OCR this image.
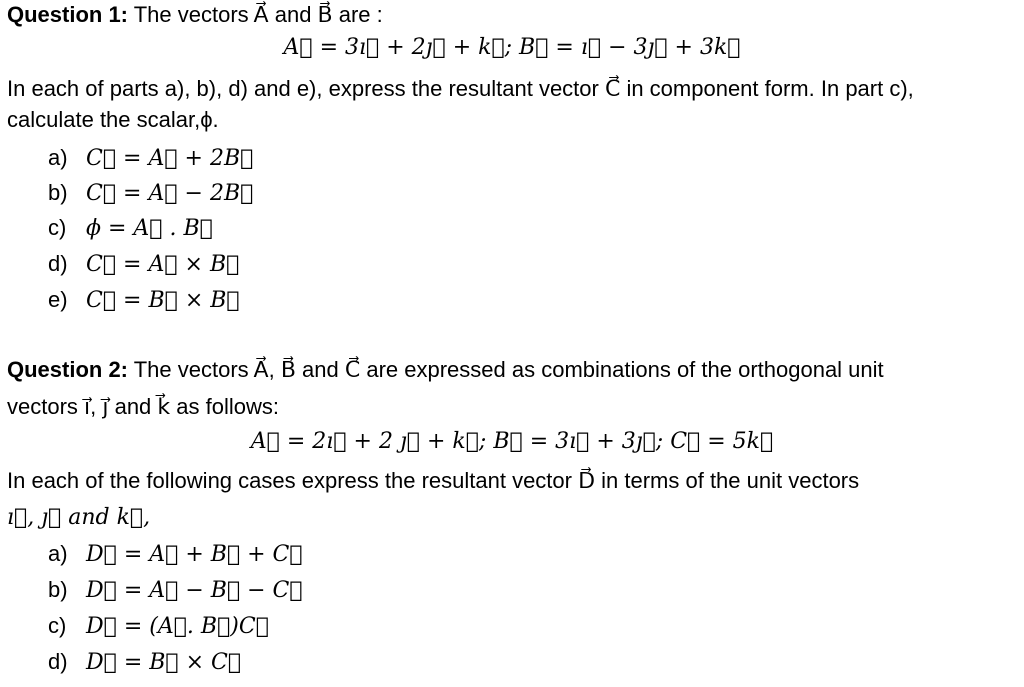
Question 1: The vectors A⃗ and B⃗ are :
A⃗ = 3ı⃗ + 2ȷ⃗ + k⃗; B⃗ = ı⃗ − 3ȷ⃗ + 3k⃗
In each of parts a), b), d) and e), express the resultant vector C⃗ in component form. In part c),
calculate the scalar,ϕ.
a) C⃗ = A⃗ + 2B⃗
b) C⃗ = A⃗ − 2B⃗
c) ϕ = A⃗ . B⃗
d) C⃗ = A⃗ × B⃗
e) C⃗ = B⃗ × B⃗
Question 2: The vectors A⃗, B⃗ and C⃗ are expressed as combinations of the orthogonal unit
vectors ı⃗, ȷ⃗ and k⃗ as follows:
A⃗ = 2ı⃗ + 2 ȷ⃗ + k⃗; B⃗ = 3ı⃗ + 3ȷ⃗; C⃗ = 5k⃗
In each of the following cases express the resultant vector D⃗ in terms of the unit vectors
ı⃗, ȷ⃗ and k⃗,
a) D⃗ = A⃗ + B⃗ + C⃗
b) D⃗ = A⃗ − B⃗ − C⃗
c) D⃗ = (A⃗. B⃗)C⃗
d) D⃗ = B⃗ × C⃗
